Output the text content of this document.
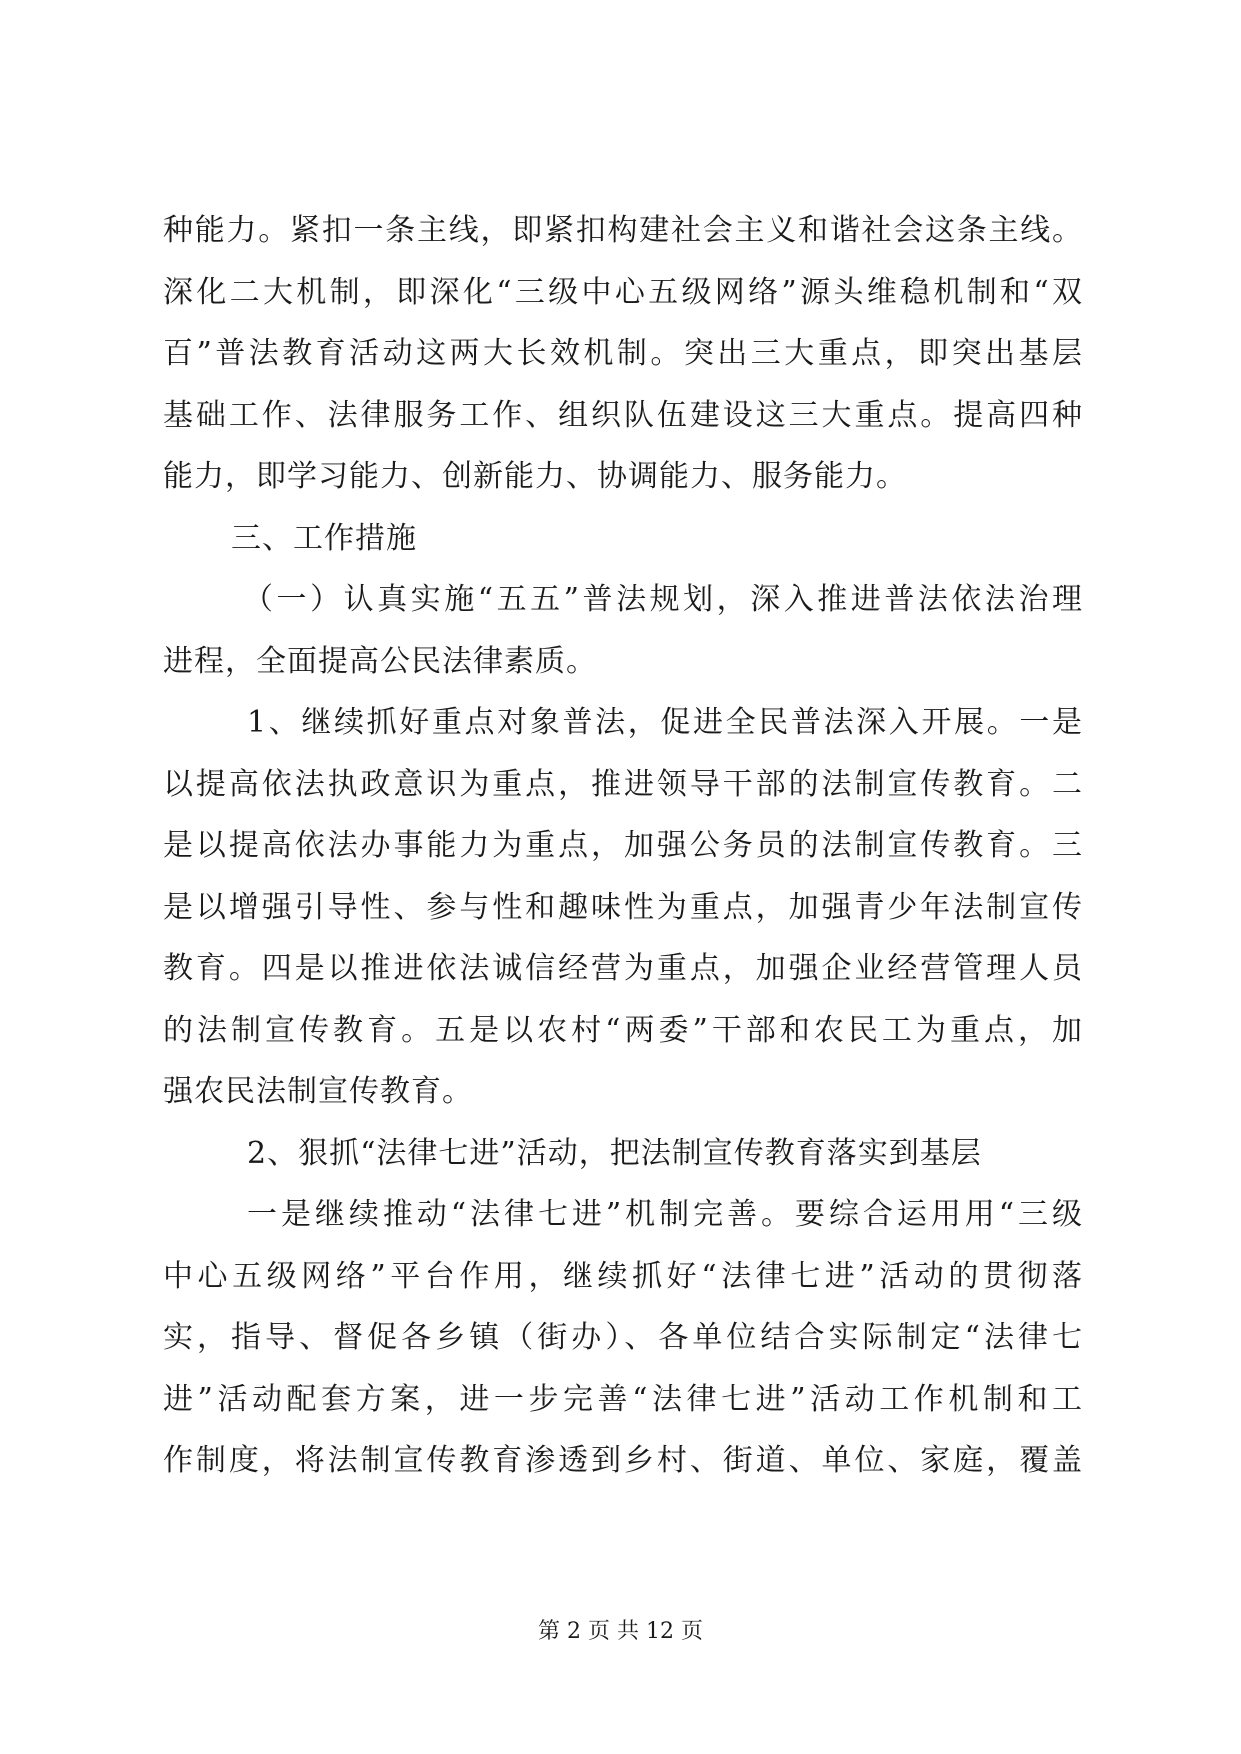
种能力。紧扣一条主线，即紧扣构建社会主义和谐社会这条主线。
深化二大机制，即深化“三级中心五级网络”源头维稳机制和“双
百”普法教育活动这两大长效机制。突出三大重点，即突出基层
基础工作、法律服务工作、组织队伍建设这三大重点。提高四种
能力，即学习能力、创新能力、协调能力、服务能力。
三、工作措施
（一）认真实施“五五”普法规划，深入推进普法依法治理
进程，全面提高公民法律素质。
1、继续抓好重点对象普法，促进全民普法深入开展。一是
以提高依法执政意识为重点，推进领导干部的法制宣传教育。二
是以提高依法办事能力为重点，加强公务员的法制宣传教育。三
是以增强引导性、参与性和趣味性为重点，加强青少年法制宣传
教育。四是以推进依法诚信经营为重点，加强企业经营管理人员
的法制宣传教育。五是以农村“两委”干部和农民工为重点，加
强农民法制宣传教育。
2、狠抓“法律七进”活动，把法制宣传教育落实到基层
一是继续推动“法律七进”机制完善。要综合运用用“三级
中心五级网络”平台作用，继续抓好“法律七进”活动的贯彻落
实，指导、督促各乡镇（街办）、各单位结合实际制定“法律七
进”活动配套方案，进一步完善“法律七进”活动工作机制和工
作制度，将法制宣传教育渗透到乡村、街道、单位、家庭，覆盖
第 2 页 共 12 页
